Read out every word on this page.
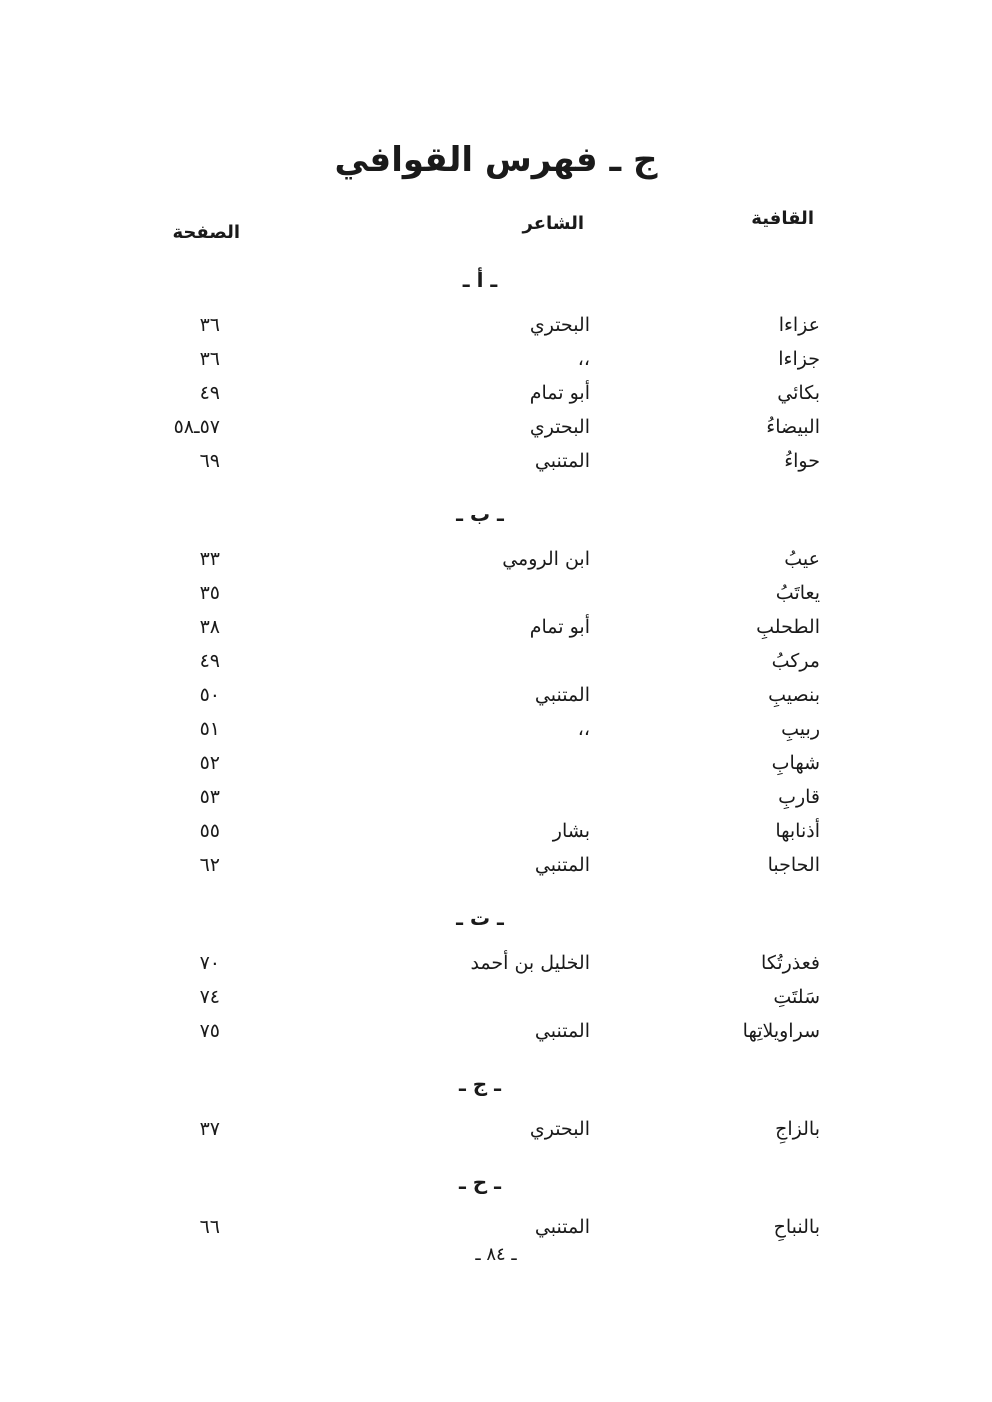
ج ـ فهرس القوافي
القافية
الشاعر
الصفحة
ـ أ ـ
عزاءا
البحتري
٣٦
جزاءا
،،
٣٦
بكائي
أبو تمام
٤٩
البيضاءُ
البحتري
٥٧ـ٥٨
حواءُ
المتنبي
٦٩
ـ ب ـ
عيبُ
ابن الرومي
٣٣
يعاتَبُ
٣٥
الطحلبِ
أبو تمام
٣٨
مركبُ
٤٩
بنصيبِ
المتنبي
٥٠
ربيبِ
،،
٥١
شهابِ
٥٢
قاربِ
٥٣
أذنابها
بشار
٥٥
الحاجبا
المتنبي
٦٢
ـ ت ـ
فعذرتُكا
الخليل بن أحمد
٧٠
سَلتَتِ
٧٤
سراويلاتِها
المتنبي
٧٥
ـ ج ـ
بالزاجِ
البحتري
٣٧
ـ ح ـ
بالنباحِ
المتنبي
٦٦
ـ ٨٤ ـ
